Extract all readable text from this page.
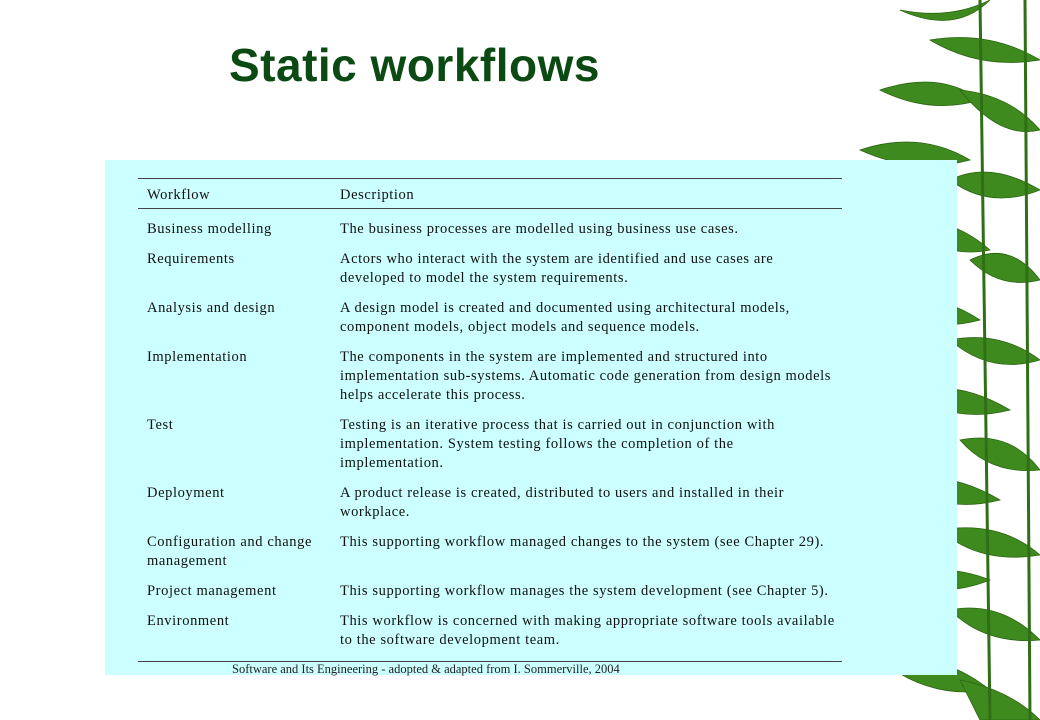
Static workflows
Workflow	Description
Business modelling	The business processes are modelled using business use cases.
Requirements	Actors who interact with the system are identified and use cases are developed to model the system requirements.
Analysis and design	A design model is created and documented using architectural models, component models, object models and sequence models.
Implementation	The components in the system are implemented and structured into implementation sub-systems. Automatic code generation from design models helps accelerate this process.
Test	Testing is an iterative process that is carried out in conjunction with implementation. System testing follows the completion of the implementation.
Deployment	A product release is created, distributed to users and installed in their workplace.
Configuration and change management	This supporting workflow managed changes to the system (see Chapter 29).
Project management	This supporting workflow manages the system development (see Chapter 5).
Environment	This workflow is concerned with making appropriate software tools available to the software development team.
Software and Its Engineering - adopted & adapted from I. Sommerville, 2004
